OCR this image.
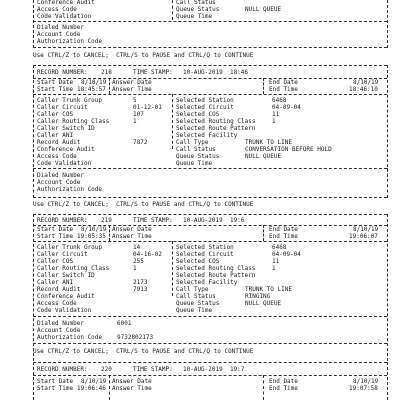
Conference Audit
Access Code
Code Validation
Call Status
Queue Status	NULL QUEUE
Queue Time
Dialed Number
Account Code
Authorization Code
Use CTRL/Z to CANCEL;  CTRL/S to PAUSE and CTRL/Q to CONTINUE
RECORD NUMBER: 218	TIME STAMP: 10-AUG-2019  18:46
Start Date 8/10/19
Start Time 18:45:57
Answer Date
Answer Time
End Date	8/10/19
End Time	18:46:10
Caller Trunk Group	5
Caller Circuit	01-12-01
Caller COS	107
Caller Routing Class	1
Caller Switch ID
Caller ANI
Record Audit	7872
Conference Audit
Access Code
Code Validation
Selected Station	6468
Selected Circuit	04-09-04
Selected COS	11
Selected Routing Class	1
Selected Route Pattern
Selected Facility
Call Type	TRUNK TO LINE
Call Status	CONVERSATION BEFORE HOLD
Queue Status	NULL QUEUE
Queue Time
Dialed Number
Account Code
Authorization Code
Use CTRL/Z to CANCEL;  CTRL/S to PAUSE and CTRL/Q to CONTINUE
RECORD NUMBER: 219	TIME STAMP: 10-AUG-2019  19:6
Start Date 8/10/19
Start Time 19:05:35
Answer Date
Answer Time
End Date	8/10/19
End Time	19:06:07
Caller Trunk Group	14
Caller Circuit	04-16-02
Caller COS	255
Caller Routing Class	1
Caller Switch ID
Caller ANI	2173
Record Audit	7913
Conference Audit
Access Code
Code Validation
Selected Station	6468
Selected Circuit	04-09-04
Selected COS	11
Selected Routing Class	1
Selected Route Pattern
Selected Facility
Call Type	TRUNK TO LINE
Call Status	RINGING
Queue Status	NULL QUEUE
Queue Time
Dialed Number	6001
Account Code
Authorization Code 9732802173
Use CTRL/Z to CANCEL;  CTRL/S to PAUSE and CTRL/Q to CONTINUE
RECORD NUMBER: 220	TIME STAMP: 10-AUG-2019  19:7
Start Date 8/10/19
Start Time 19:06:46
Answer Date
Answer Time
End Date	8/10/19
End Time	19:07:58
